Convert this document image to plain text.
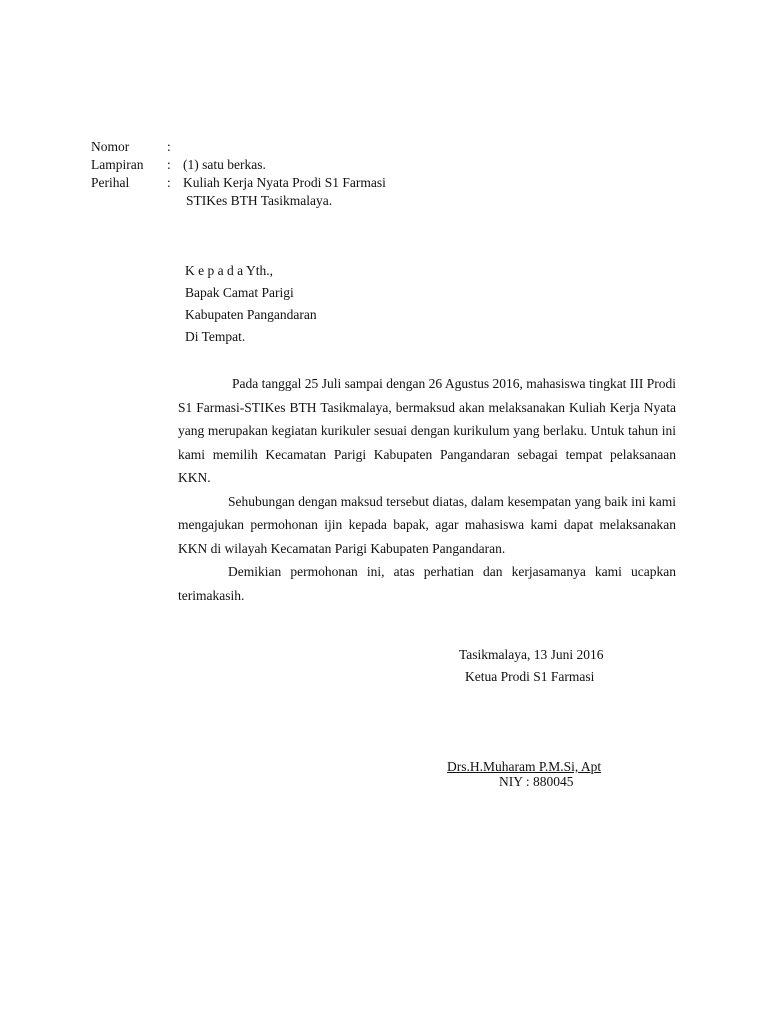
Nomor	:
Lampiran : (1) satu berkas.
Perihal	: Kuliah Kerja Nyata Prodi S1 Farmasi
STIKes BTH Tasikmalaya.
K e p a d a Yth.,
Bapak Camat Parigi
Kabupaten Pangandaran
Di Tempat.

Pada tanggal 25 Juli sampai dengan 26 Agustus 2016, mahasiswa tingkat III Prodi S1 Farmasi-STIKes BTH Tasikmalaya, bermaksud akan melaksanakan Kuliah Kerja Nyata yang merupakan kegiatan kurikuler sesuai dengan kurikulum yang berlaku. Untuk tahun ini kami memilih Kecamatan Parigi Kabupaten Pangandaran sebagai tempat pelaksanaan KKN.

Sehubungan dengan maksud tersebut diatas, dalam kesempatan yang baik ini kami mengajukan permohonan ijin kepada bapak, agar mahasiswa kami dapat melaksanakan KKN di wilayah Kecamatan Parigi Kabupaten Pangandaran.

Demikian permohonan ini, atas perhatian dan kerjasamanya kami ucapkan terimakasih.

Tasikmalaya, 13 Juni 2016
Ketua Prodi S1 Farmasi
Drs.H.Muharam P.M.Si, Apt
NIY : 880045
